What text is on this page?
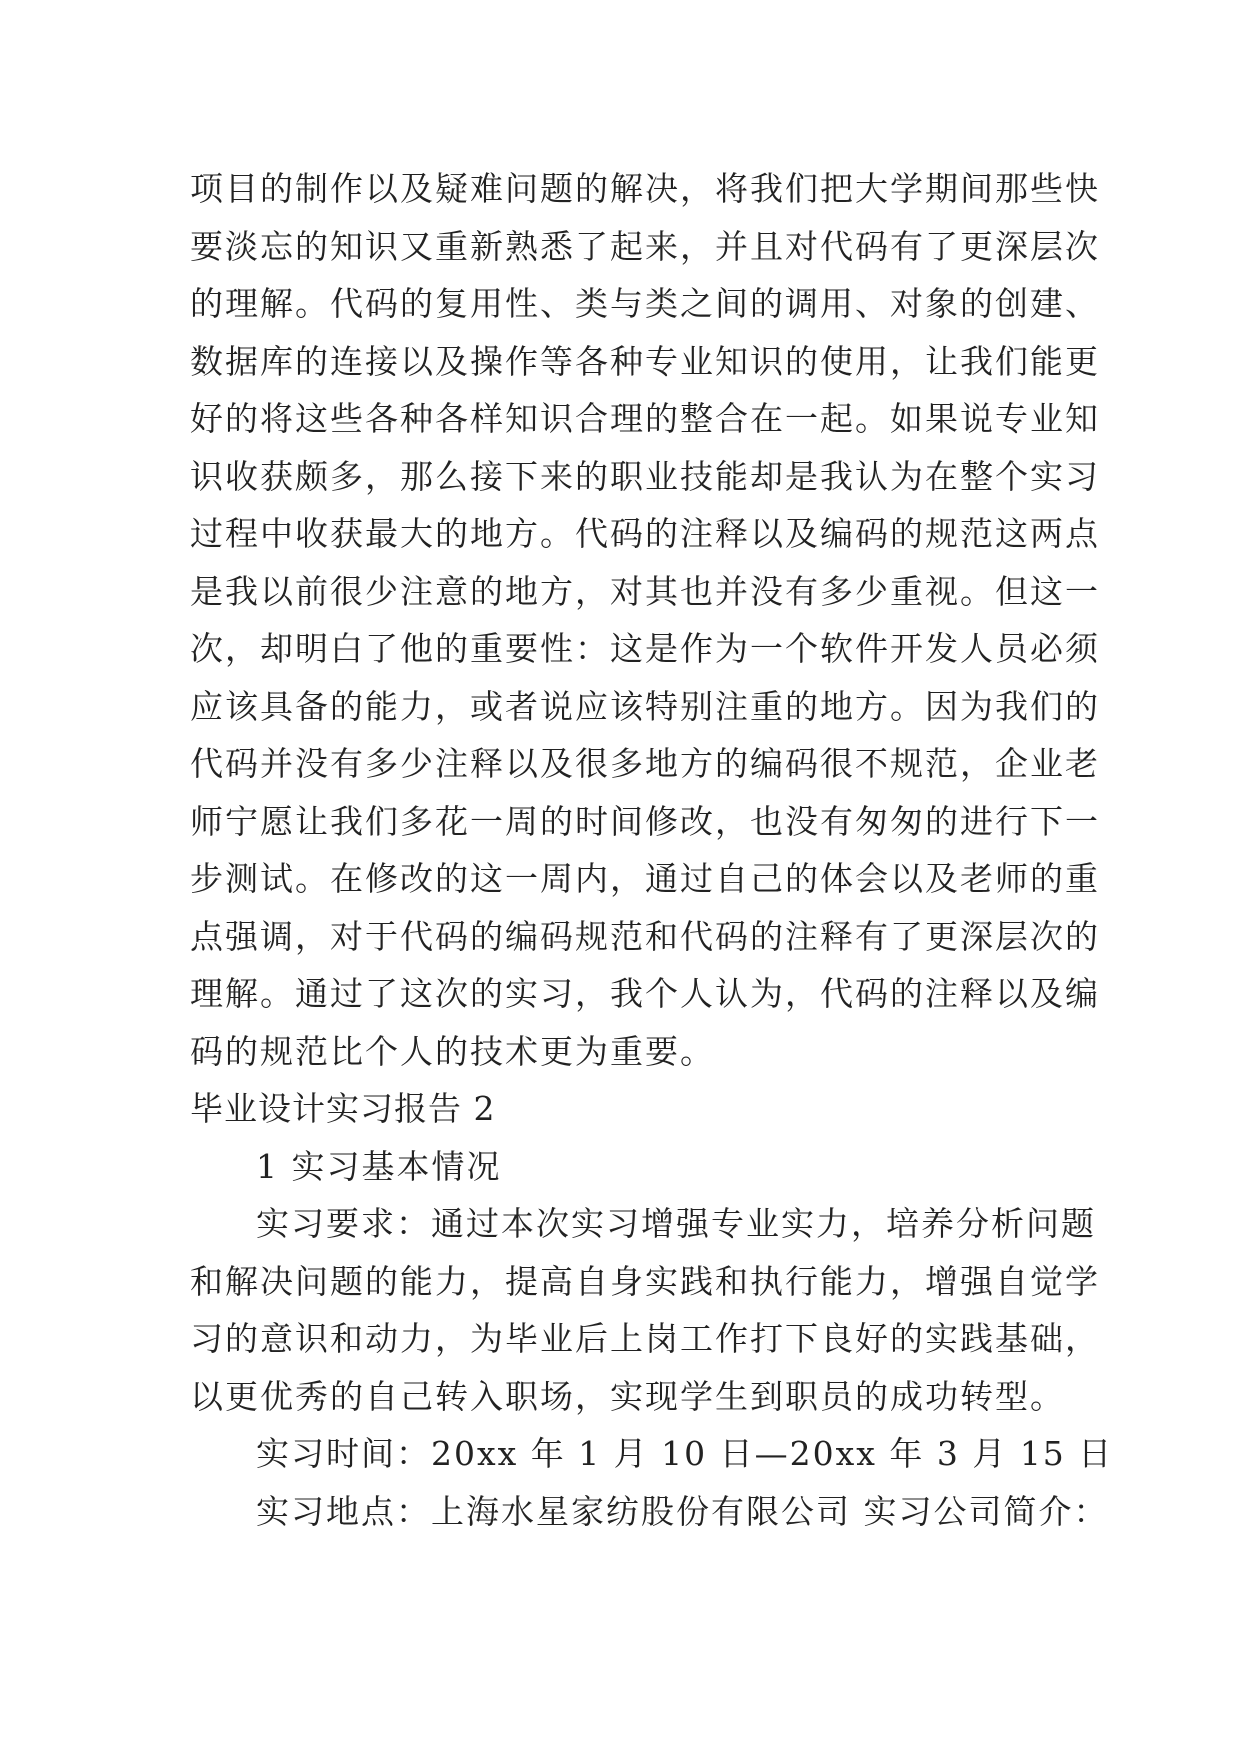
项目的制作以及疑难问题的解决，将我们把大学期间那些快
要淡忘的知识又重新熟悉了起来，并且对代码有了更深层次
的理解。代码的复用性、类与类之间的调用、对象的创建、
数据库的连接以及操作等各种专业知识的使用，让我们能更
好的将这些各种各样知识合理的整合在一起。如果说专业知
识收获颇多，那么接下来的职业技能却是我认为在整个实习
过程中收获最大的地方。代码的注释以及编码的规范这两点
是我以前很少注意的地方，对其也并没有多少重视。但这一
次，却明白了他的重要性：这是作为一个软件开发人员必须
应该具备的能力，或者说应该特别注重的地方。因为我们的
代码并没有多少注释以及很多地方的编码很不规范，企业老
师宁愿让我们多花一周的时间修改，也没有匆匆的进行下一
步测试。在修改的这一周内，通过自己的体会以及老师的重
点强调，对于代码的编码规范和代码的注释有了更深层次的
理解。通过了这次的实习，我个人认为，代码的注释以及编
码的规范比个人的技术更为重要。
毕业设计实习报告 2
1 实习基本情况
实习要求：通过本次实习增强专业实力，培养分析问题
和解决问题的能力，提高自身实践和执行能力，增强自觉学
习的意识和动力，为毕业后上岗工作打下良好的实践基础，
以更优秀的自己转入职场，实现学生到职员的成功转型。
实习时间：20xx 年 1 月 10 日—20xx 年 3 月 15 日
实习地点：上海水星家纺股份有限公司 实习公司简介：
